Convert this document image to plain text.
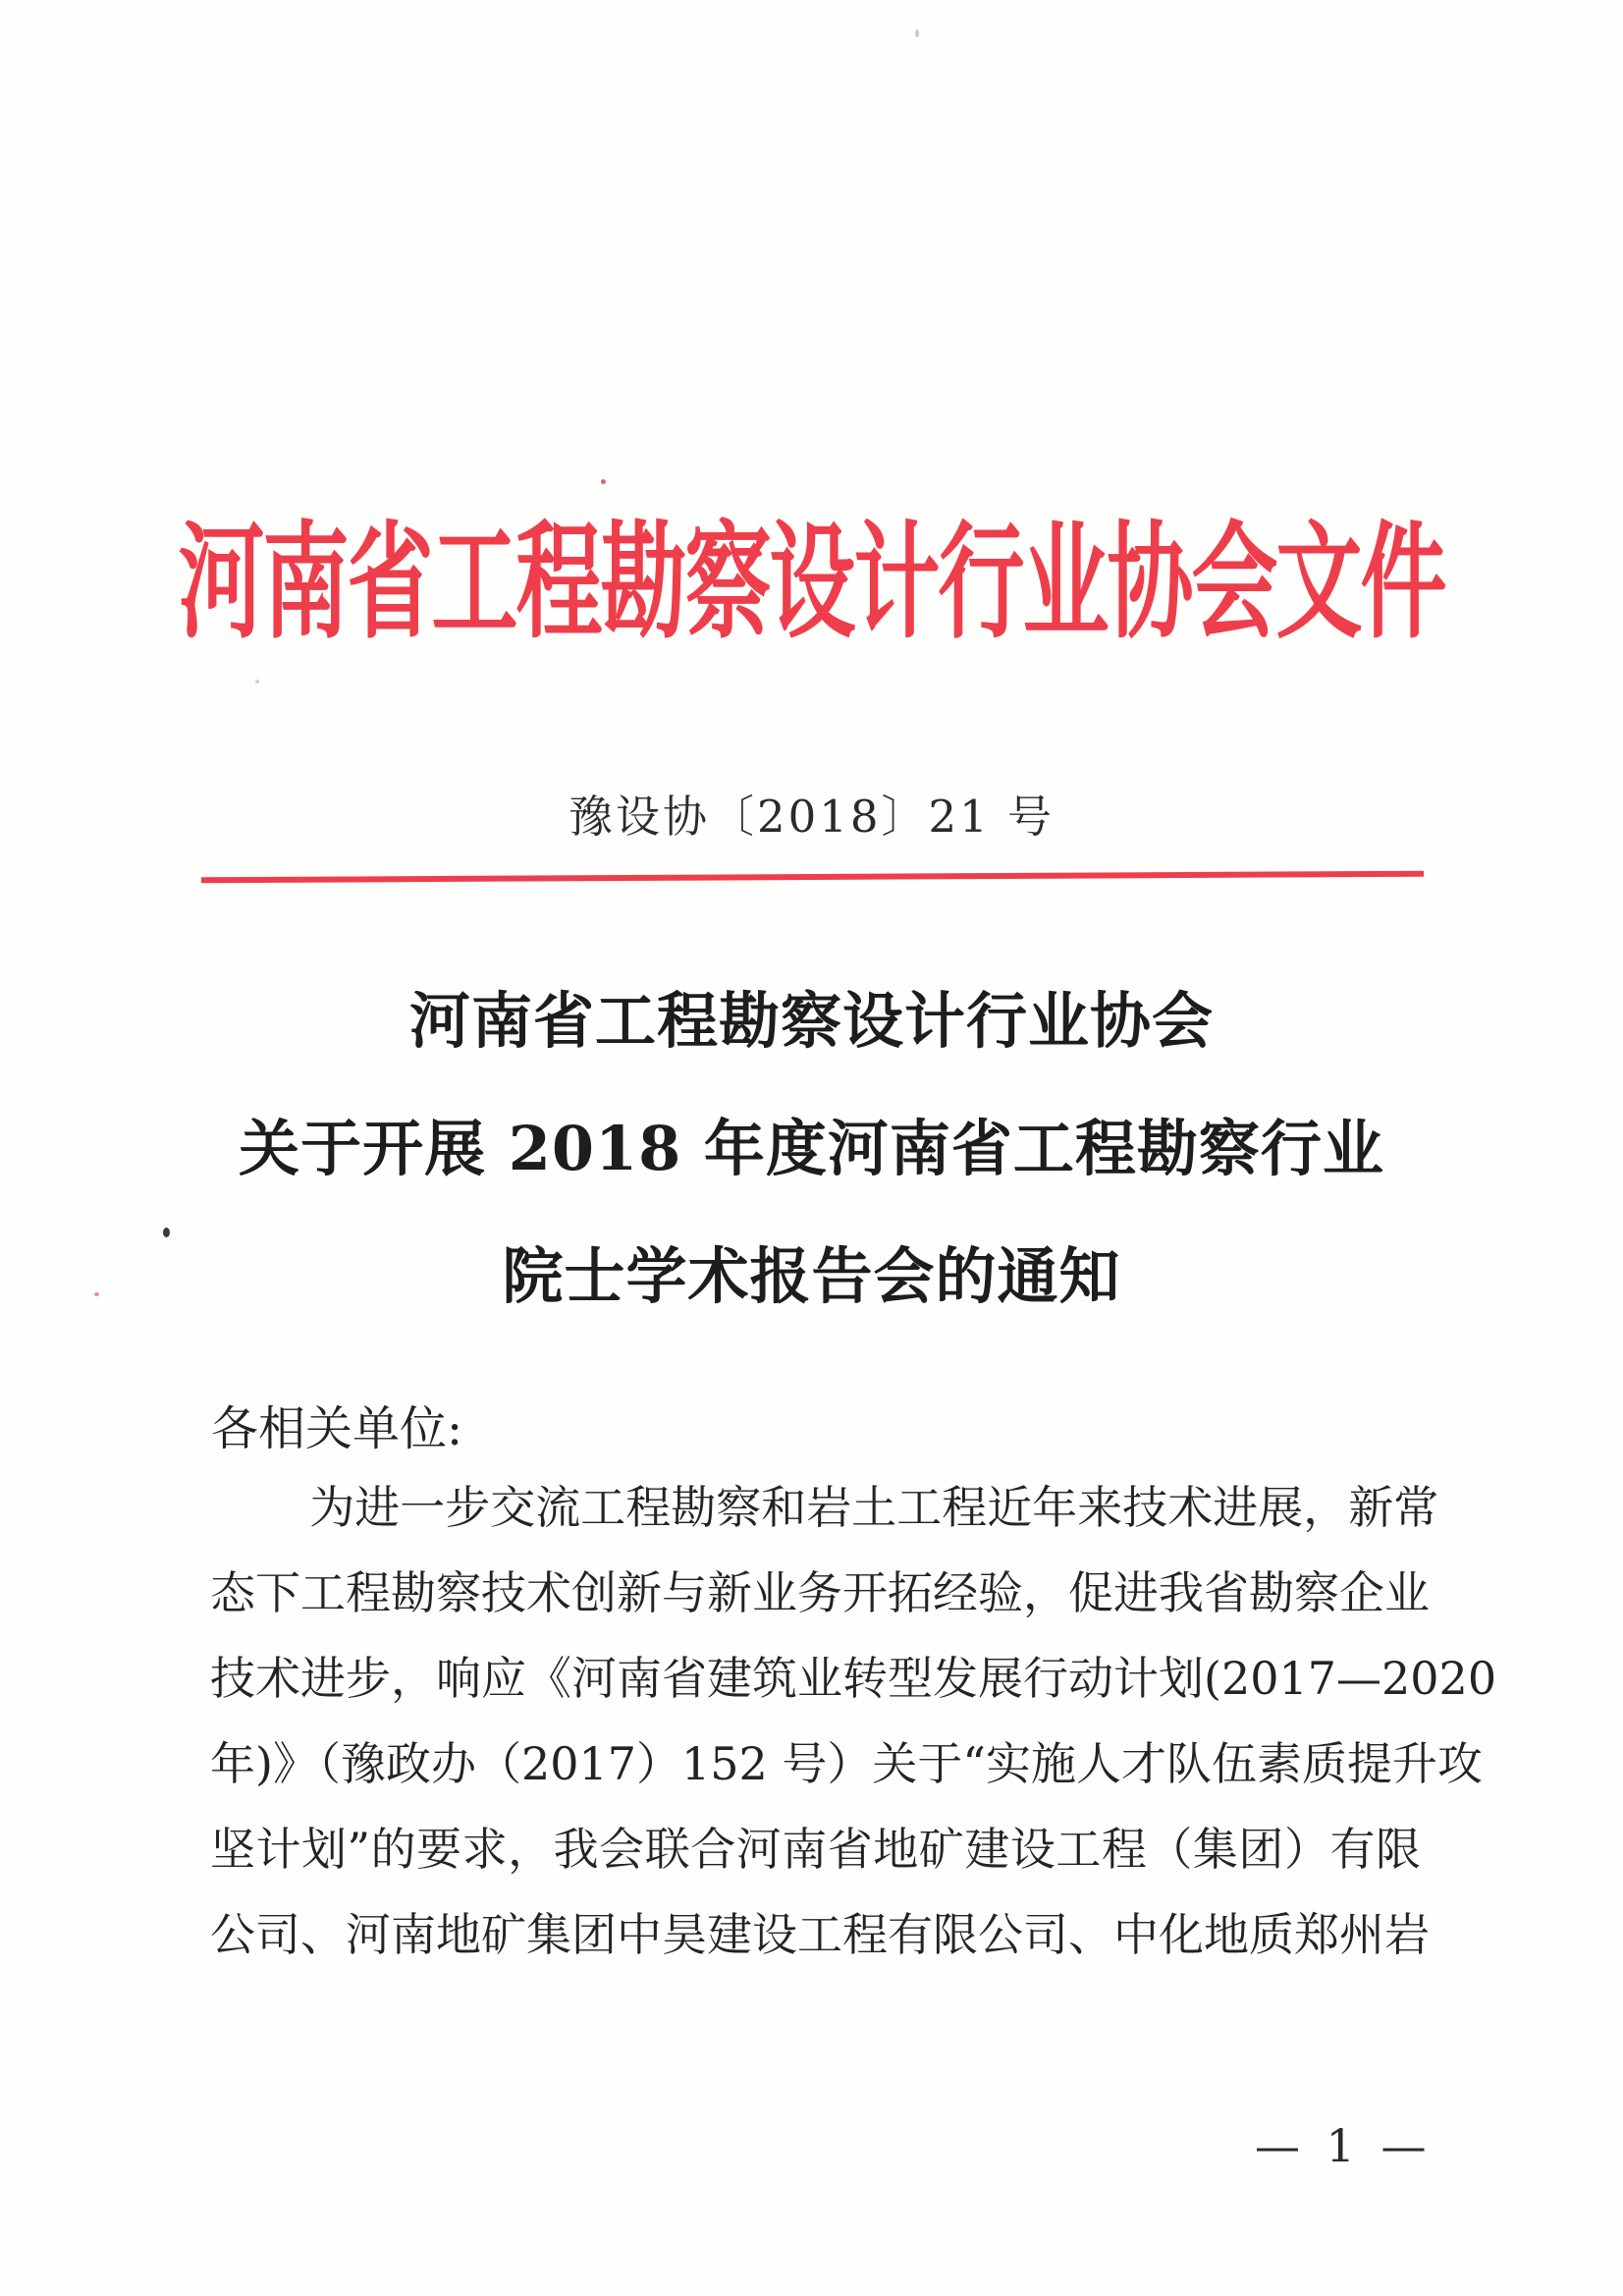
河南省工程勘察设计行业协会文件
豫设协〔2018〕21 号
河南省工程勘察设计行业协会
关于开展 2018 年度河南省工程勘察行业
院士学术报告会的通知
各相关单位:
为进一步交流工程勘察和岩土工程近年来技术进展，新常
态下工程勘察技术创新与新业务开拓经验，促进我省勘察企业
技术进步，响应《河南省建筑业转型发展行动计划(2017—2020
年)》（豫政办（2017）152 号）关于“实施人才队伍素质提升攻
坚计划”的要求，我会联合河南省地矿建设工程（集团）有限
公司、河南地矿集团中昊建设工程有限公司、中化地质郑州岩
— 1 —
